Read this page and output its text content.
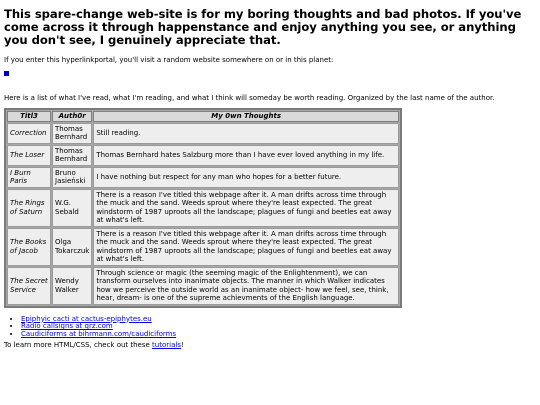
This spare-change web-site is for my boring thoughts and bad photos. If you've come across it through happenstance and enjoy anything you see, or anything you don't see, I genuinely appreciate that.

If you enter this hyperlinkportal, you'll visit a random website somewhere on or in this planet:

Here is a list of what I've read, what I'm reading, and what I think will someday be worth reading. Organized by the last name of the author.

Titl3	Auth0r	My 0wn Thoughts
Correction	Thomas Bernhard	Still reading.
The Loser	Thomas Bernhard	Thomas Bernhard hates Salzburg more than I have ever loved anything in my life.
I Burn Paris	Bruno Jasieński	I have nothing but respect for any man who hopes for a better future.
The Rings of Saturn	W.G. Sebald	There is a reason I've titled this webpage after it. A man drifts across time through the muck and the sand. Weeds sprout where they're least expected. The great windstorm of 1987 uproots all the landscape; plagues of fungi and beetles eat away at what's left.
The Books of Jacob	Olga Tokarczuk	There is a reason I've titled this webpage after it. A man drifts across time through the muck and the sand. Weeds sprout where they're least expected. The great windstorm of 1987 uproots all the landscape; plagues of fungi and beetles eat away at what's left.
The Secret Service	Wendy Walker	Through science or magic (the seeming magic of the Enlightenment), we can transform ourselves into inanimate objects. The manner in which Walker indicates how we perceive the outside world as an inanimate object- how we feel, see, think, hear, dream- is one of the supreme achievments of the English language.
• Epiphyic cacti at cactus-epiphytes.eu
• Radio callsigns at qrz.com
• Caudiciforms at bihrmann.com/caudiciforms

To learn more HTML/CSS, check out these tutorials!
